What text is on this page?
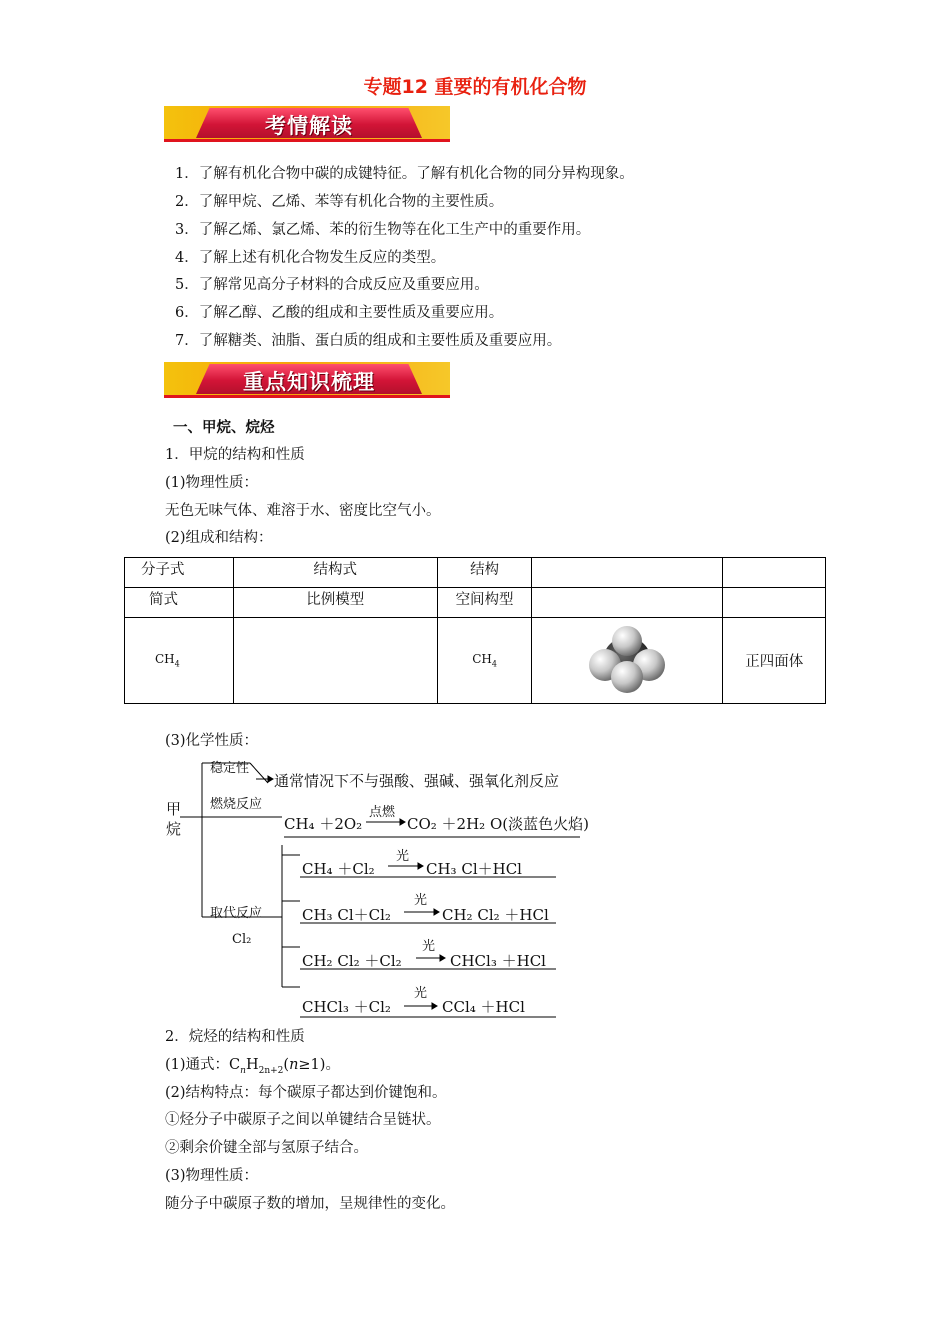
专题12 重要的有机化合物
考情解读
1．了解有机化合物中碳的成键特征。了解有机化合物的同分异构现象。
2．了解甲烷、乙烯、苯等有机化合物的主要性质。
3．了解乙烯、氯乙烯、苯的衍生物等在化工生产中的重要作用。
4．了解上述有机化合物发生反应的类型。
5．了解常见高分子材料的合成反应及重要应用。
6．了解乙醇、乙酸的组成和主要性质及重要应用。
7．了解糖类、油脂、蛋白质的组成和主要性质及重要应用。
重点知识梳理
一、甲烷、烷烃
1．甲烷的结构和性质
(1)物理性质：
无色无味气体、难溶于水、密度比空气小。
(2)组成和结构：
分子式	结构式	结构		
简式	比例模型	空间构型		
$CH_4$		$CH_4$		正四面体
(3)化学性质：
甲
烷
稳定性
通常情况下不与强酸、强碱、强氧化剂反应
燃烧反应
点燃
CH₄ ＋2O₂	CO₂ ＋2H₂ O(淡蓝色火焰)
取代反应
Cl₂
光
CH₄ ＋Cl₂	CH₃ Cl＋HCl
光
CH₃ Cl＋Cl₂	CH₂ Cl₂ ＋HCl
光
CH₂ Cl₂ ＋Cl₂	CHCl₃ ＋HCl
光
CHCl₃ ＋Cl₂	CCl₄ ＋HCl
2．烷烃的结构和性质
(1)通式：$C_nH_{2n+2}(n\ge 1)$。
(2)结构特点：每个碳原子都达到价键饱和。
①烃分子中碳原子之间以单键结合呈链状。
②剩余价键全部与氢原子结合。
(3)物理性质：
随分子中碳原子数的增加，呈规律性的变化。
